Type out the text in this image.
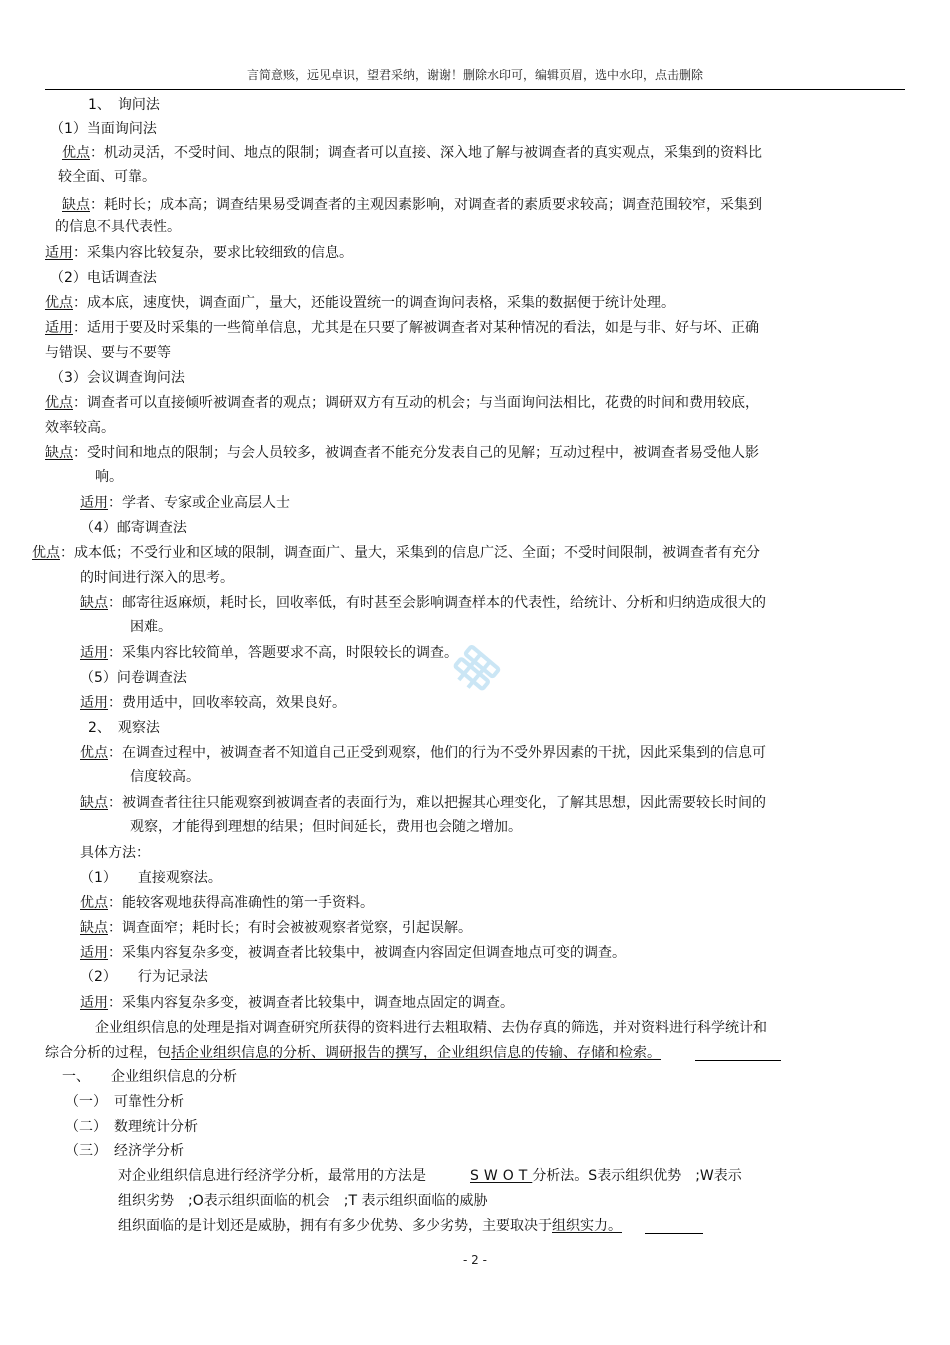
言简意赅，远见卓识，望君采纳，谢谢！删除水印可，编辑页眉，选中水印，点击删除
1、　询问法
（1）当面询问法
优点：机动灵活，不受时间、地点的限制；调查者可以直接、深入地了解与被调查者的真实观点，采集到的资料比
较全面、可靠。
缺点：耗时长；成本高；调查结果易受调查者的主观因素影响，对调查者的素质要求较高；调查范围较窄，采集到
的信息不具代表性。
适用：采集内容比较复杂，要求比较细致的信息。
（2）电话调查法
优点：成本底，速度快，调查面广，量大，还能设置统一的调查询问表格，采集的数据便于统计处理。
适用：适用于要及时采集的一些简单信息，尤其是在只要了解被调查者对某种情况的看法，如是与非、好与坏、正确
与错误、要与不要等
（3）会议调查询问法
优点：调查者可以直接倾听被调查者的观点；调研双方有互动的机会；与当面询问法相比，花费的时间和费用较底，
效率较高。
缺点：受时间和地点的限制；与会人员较多，被调查者不能充分发表自己的见解；互动过程中，被调查者易受他人影
响。
适用：学者、专家或企业高层人士
（4）邮寄调查法
优点：成本低；不受行业和区域的限制，调查面广、量大，采集到的信息广泛、全面；不受时间限制，被调查者有充分
的时间进行深入的思考。
缺点：邮寄往返麻烦，耗时长，回收率低，有时甚至会影响调查样本的代表性，给统计、分析和归纳造成很大的
困难。
适用：采集内容比较简单，答题要求不高，时限较长的调查。
（5）问卷调查法
适用：费用适中，回收率较高，效果良好。
2、　观察法
优点：在调查过程中，被调查者不知道自己正受到观察，他们的行为不受外界因素的干扰，因此采集到的信息可
信度较高。
缺点：被调查者往往只能观察到被调查者的表面行为，难以把握其心理变化，了解其思想，因此需要较长时间的
观察，才能得到理想的结果；但时间延长，费用也会随之增加。
具体方法：
（1）　　直接观察法。
优点：能较客观地获得高准确性的第一手资料。
缺点：调查面窄；耗时长；有时会被被观察者觉察，引起误解。
适用：采集内容复杂多变，被调查者比较集中，被调查内容固定但调查地点可变的调查。
（2）　　行为记录法
适用：采集内容复杂多变，被调查者比较集中，调查地点固定的调查。
企业组织信息的处理是指对调查研究所获得的资料进行去粗取精、去伪存真的筛选，并对资料进行科学统计和
综合分析的过程，包括企业组织信息的分析、调研报告的撰写，企业组织信息的传输、存储和检索。
一、　　企业组织信息的分析
（一）　可靠性分析
（二）　数理统计分析
（三）　经济学分析
对企业组织信息进行经济学分析，最常用的方法是	SWOT分析法。S表示组织优势　;W表示
组织劣势　;O表示组织面临的机会　;T 表示组织面临的威胁
组织面临的是计划还是威胁，拥有有多少优势、多少劣势，主要取决于组织实力。
- 2 -
